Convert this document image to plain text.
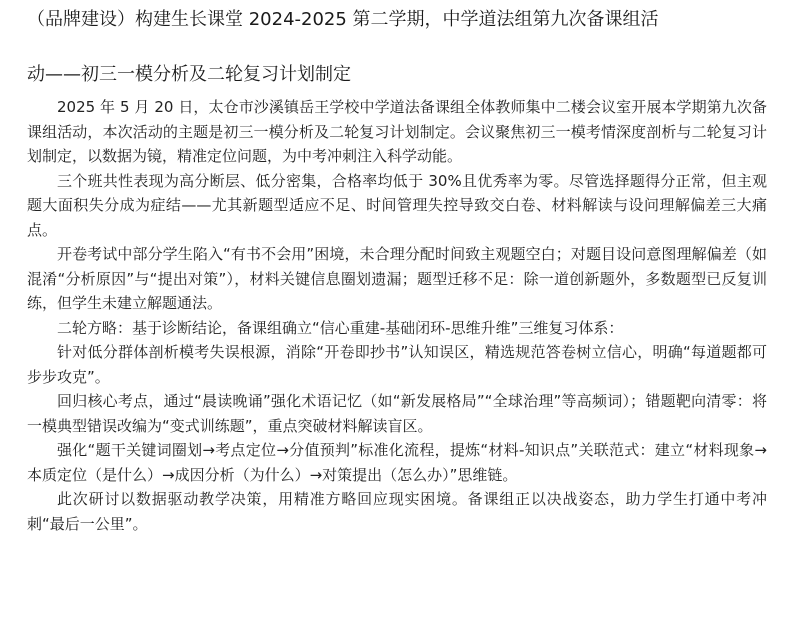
（品牌建设）构建生长课堂 2024-2025 第二学期，中学道法组第九次备课组活
动——初三一模分析及二轮复习计划制定

2025 年 5 月 20 日，太仓市沙溪镇岳王学校中学道法备课组全体教师集中二楼会议室开展本学期第九次备课组活动，本次活动的主题是初三一模分析及二轮复习计划制定。会议聚焦初三一模考情深度剖析与二轮复习计划制定，以数据为镜，精准定位问题，为中考冲刺注入科学动能。

三个班共性表现为高分断层、低分密集，合格率均低于 30%且优秀率为零。尽管选择题得分正常，但主观题大面积失分成为症结——尤其新题型适应不足、时间管理失控导致交白卷、材料解读与设问理解偏差三大痛点。

开卷考试中部分学生陷入“有书不会用”困境，未合理分配时间致主观题空白；对题目设问意图理解偏差（如混淆“分析原因”与“提出对策”），材料关键信息圈划遗漏；题型迁移不足：除一道创新题外，多数题型已反复训练，但学生未建立解题通法。

二轮方略：基于诊断结论，备课组确立“信心重建-基础闭环-思维升维”三维复习体系：

针对低分群体剖析模考失误根源，消除“开卷即抄书”认知误区，精选规范答卷树立信心，明确“每道题都可步步攻克”。

回归核心考点，通过“晨读晚诵”强化术语记忆（如“新发展格局”“全球治理”等高频词）；错题靶向清零：将一模典型错误改编为“变式训练题”，重点突破材料解读盲区。

强化“题干关键词圈划→考点定位→分值预判”标准化流程，提炼“材料-知识点”关联范式：建立“材料现象→本质定位（是什么）→成因分析（为什么）→对策提出（怎么办）”思维链。

此次研讨以数据驱动教学决策，用精准方略回应现实困境。备课组正以决战姿态，助力学生打通中考冲刺“最后一公里”。
